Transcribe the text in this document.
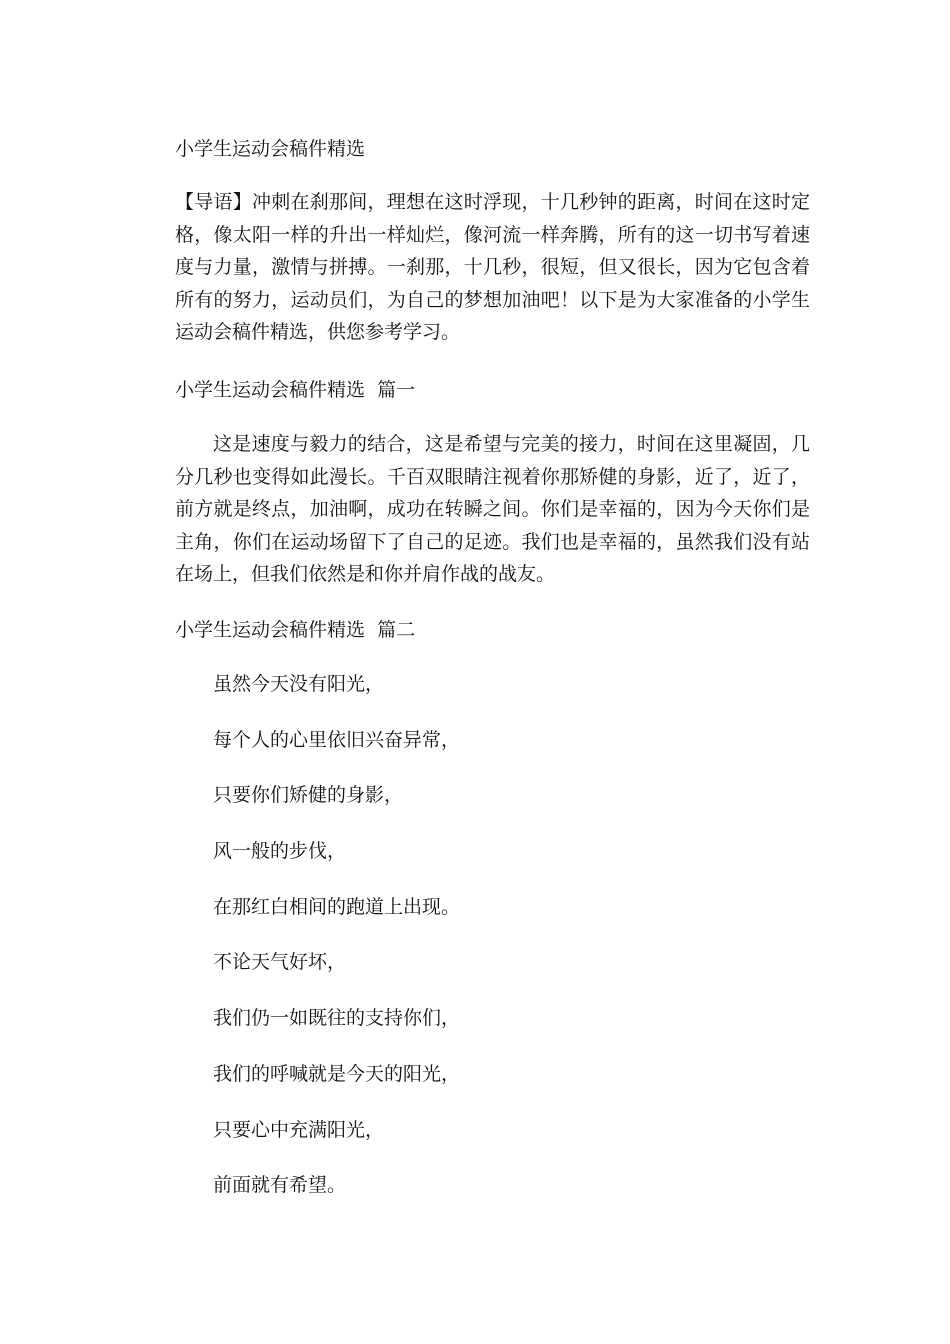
小学生运动会稿件精选
【导语】冲刺在刹那间，理想在这时浮现，十几秒钟的距离，时间在这时定格，像太阳一样的升出一样灿烂，像河流一样奔腾，所有的这一切书写着速度与力量，激情与拼搏。一刹那，十几秒，很短，但又很长，因为它包含着所有的努力，运动员们，为自己的梦想加油吧！以下是为大家准备的小学生运动会稿件精选，供您参考学习。
小学生运动会稿件精选  篇一
这是速度与毅力的结合，这是希望与完美的接力，时间在这里凝固，几分几秒也变得如此漫长。千百双眼睛注视着你那矫健的身影，近了，近了，前方就是终点，加油啊，成功在转瞬之间。你们是幸福的，因为今天你们是主角，你们在运动场留下了自己的足迹。我们也是幸福的，虽然我们没有站在场上，但我们依然是和你并肩作战的战友。
小学生运动会稿件精选  篇二
虽然今天没有阳光，
每个人的心里依旧兴奋异常，
只要你们矫健的身影，
风一般的步伐，
在那红白相间的跑道上出现。
不论天气好坏，
我们仍一如既往的支持你们，
我们的呼喊就是今天的阳光，
只要心中充满阳光，
前面就有希望。
